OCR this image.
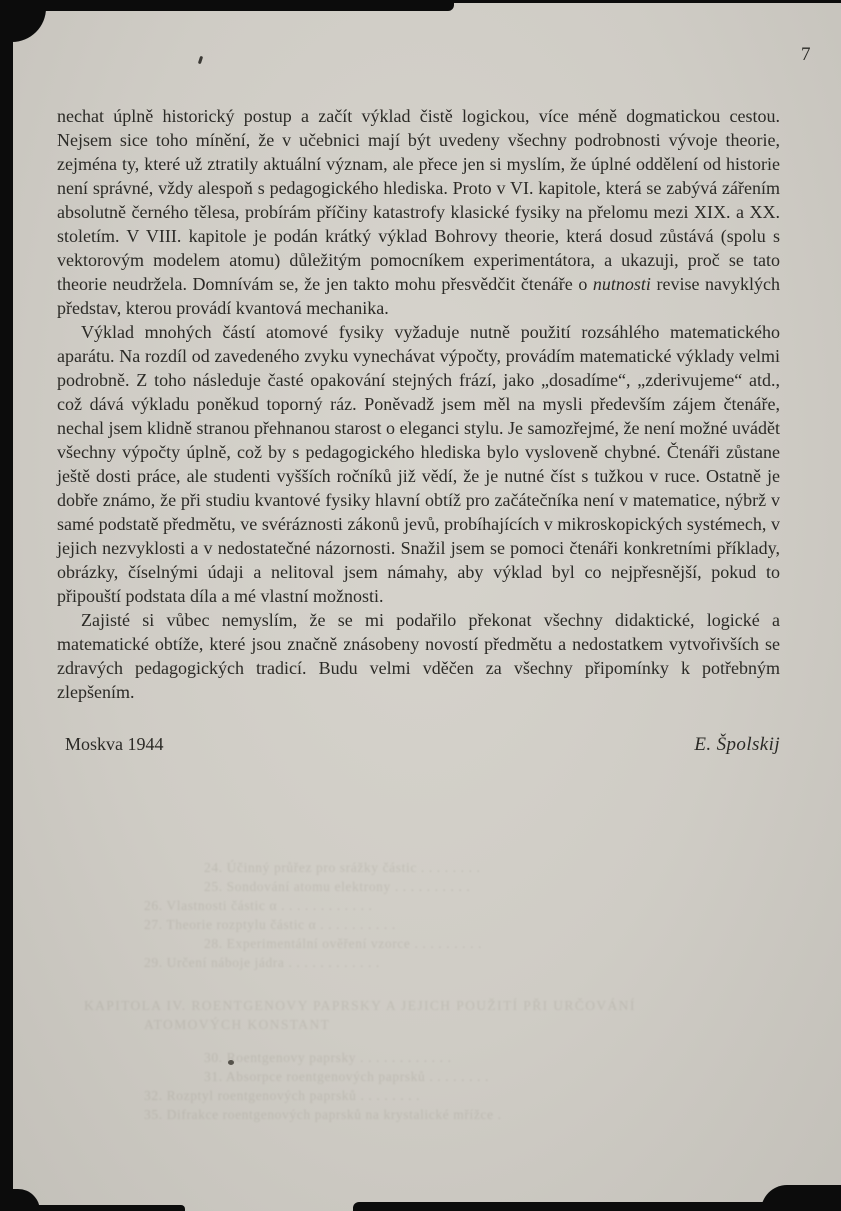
7

nechat úplně historický postup a začít výklad čistě logickou, více méně dogmatickou cestou. Nejsem sice toho mínění, že v učebnici mají být uvedeny všechny podrobnosti vývoje theorie, zejména ty, které už ztratily aktuální význam, ale přece jen si myslím, že úplné oddělení od historie není správné, vždy alespoň s pedagogického hlediska. Proto v VI. kapitole, která se zabývá zářením absolutně černého tělesa, probírám příčiny katastrofy klasické fysiky na přelomu mezi XIX. a XX. stoletím. V VIII. kapitole je podán krátký výklad Bohrovy theorie, která dosud zůstává (spolu s vektorovým modelem atomu) důležitým pomocníkem experimentátora, a ukazuji, proč se tato theorie neudržela. Domnívám se, že jen takto mohu přesvědčit čtenáře o nutnosti revise navyklých představ, kterou provádí kvantová mechanika.

Výklad mnohých částí atomové fysiky vyžaduje nutně použití rozsáhlého matematického aparátu. Na rozdíl od zavedeného zvyku vynechávat výpočty, provádím matematické výklady velmi podrobně. Z toho následuje časté opakování stejných frází, jako „dosadíme“, „zderivujeme“ atd., což dává výkladu poněkud toporný ráz. Poněvadž jsem měl na mysli především zájem čtenáře, nechal jsem klidně stranou přehnanou starost o eleganci stylu. Je samozřejmé, že není možné uvádět všechny výpočty úplně, což by s pedagogického hlediska bylo vysloveně chybné. Čtenáři zůstane ještě dosti práce, ale studenti vyšších ročníků již vědí, že je nutné číst s tužkou v ruce. Ostatně je dobře známo, že při studiu kvantové fysiky hlavní obtíž pro začátečníka není v matematice, nýbrž v samé podstatě předmětu, ve svéráznosti zákonů jevů, probíhajících v mikroskopických systémech, v jejich nezvyklosti a v nedostatečné názornosti. Snažil jsem se pomoci čtenáři konkretními příklady, obrázky, číselnými údaji a nelitoval jsem námahy, aby výklad byl co nejpřesnější, pokud to připouští podstata díla a mé vlastní možnosti.

Zajisté si vůbec nemyslím, že se mi podařilo překonat všechny didaktické, logické a matematické obtíže, které jsou značně znásobeny novostí předmětu a nedostatkem vytvořivších se zdravých pedagogických tradicí. Budu velmi vděčen za všechny připomínky k potřebným zlepšením.

Moskva 1944	E. Špolskij
24. Účinný průřez pro srážky částic . . . . . . . .
25. Sondování atomu elektrony . . . . . . . . . .
26. Vlastnosti částic α . . . . . . . . . . . .
27. Theorie rozptylu částic α . . . . . . . . . .
28. Experimentální ověření vzorce . . . . . . . . .
29. Určení náboje jádra . . . . . . . . . . . .
KAPITOLA IV. ROENTGENOVY PAPRSKY A JEJICH POUŽITÍ PŘI URČOVÁNÍ
ATOMOVÝCH KONSTANT
30. Roentgenovy paprsky . . . . . . . . . . . .
31. Absorpce roentgenových paprsků . . . . . . . .
32. Rozptyl roentgenových paprsků . . . . . . . .
35. Difrakce roentgenových paprsků na krystalické mřížce .
